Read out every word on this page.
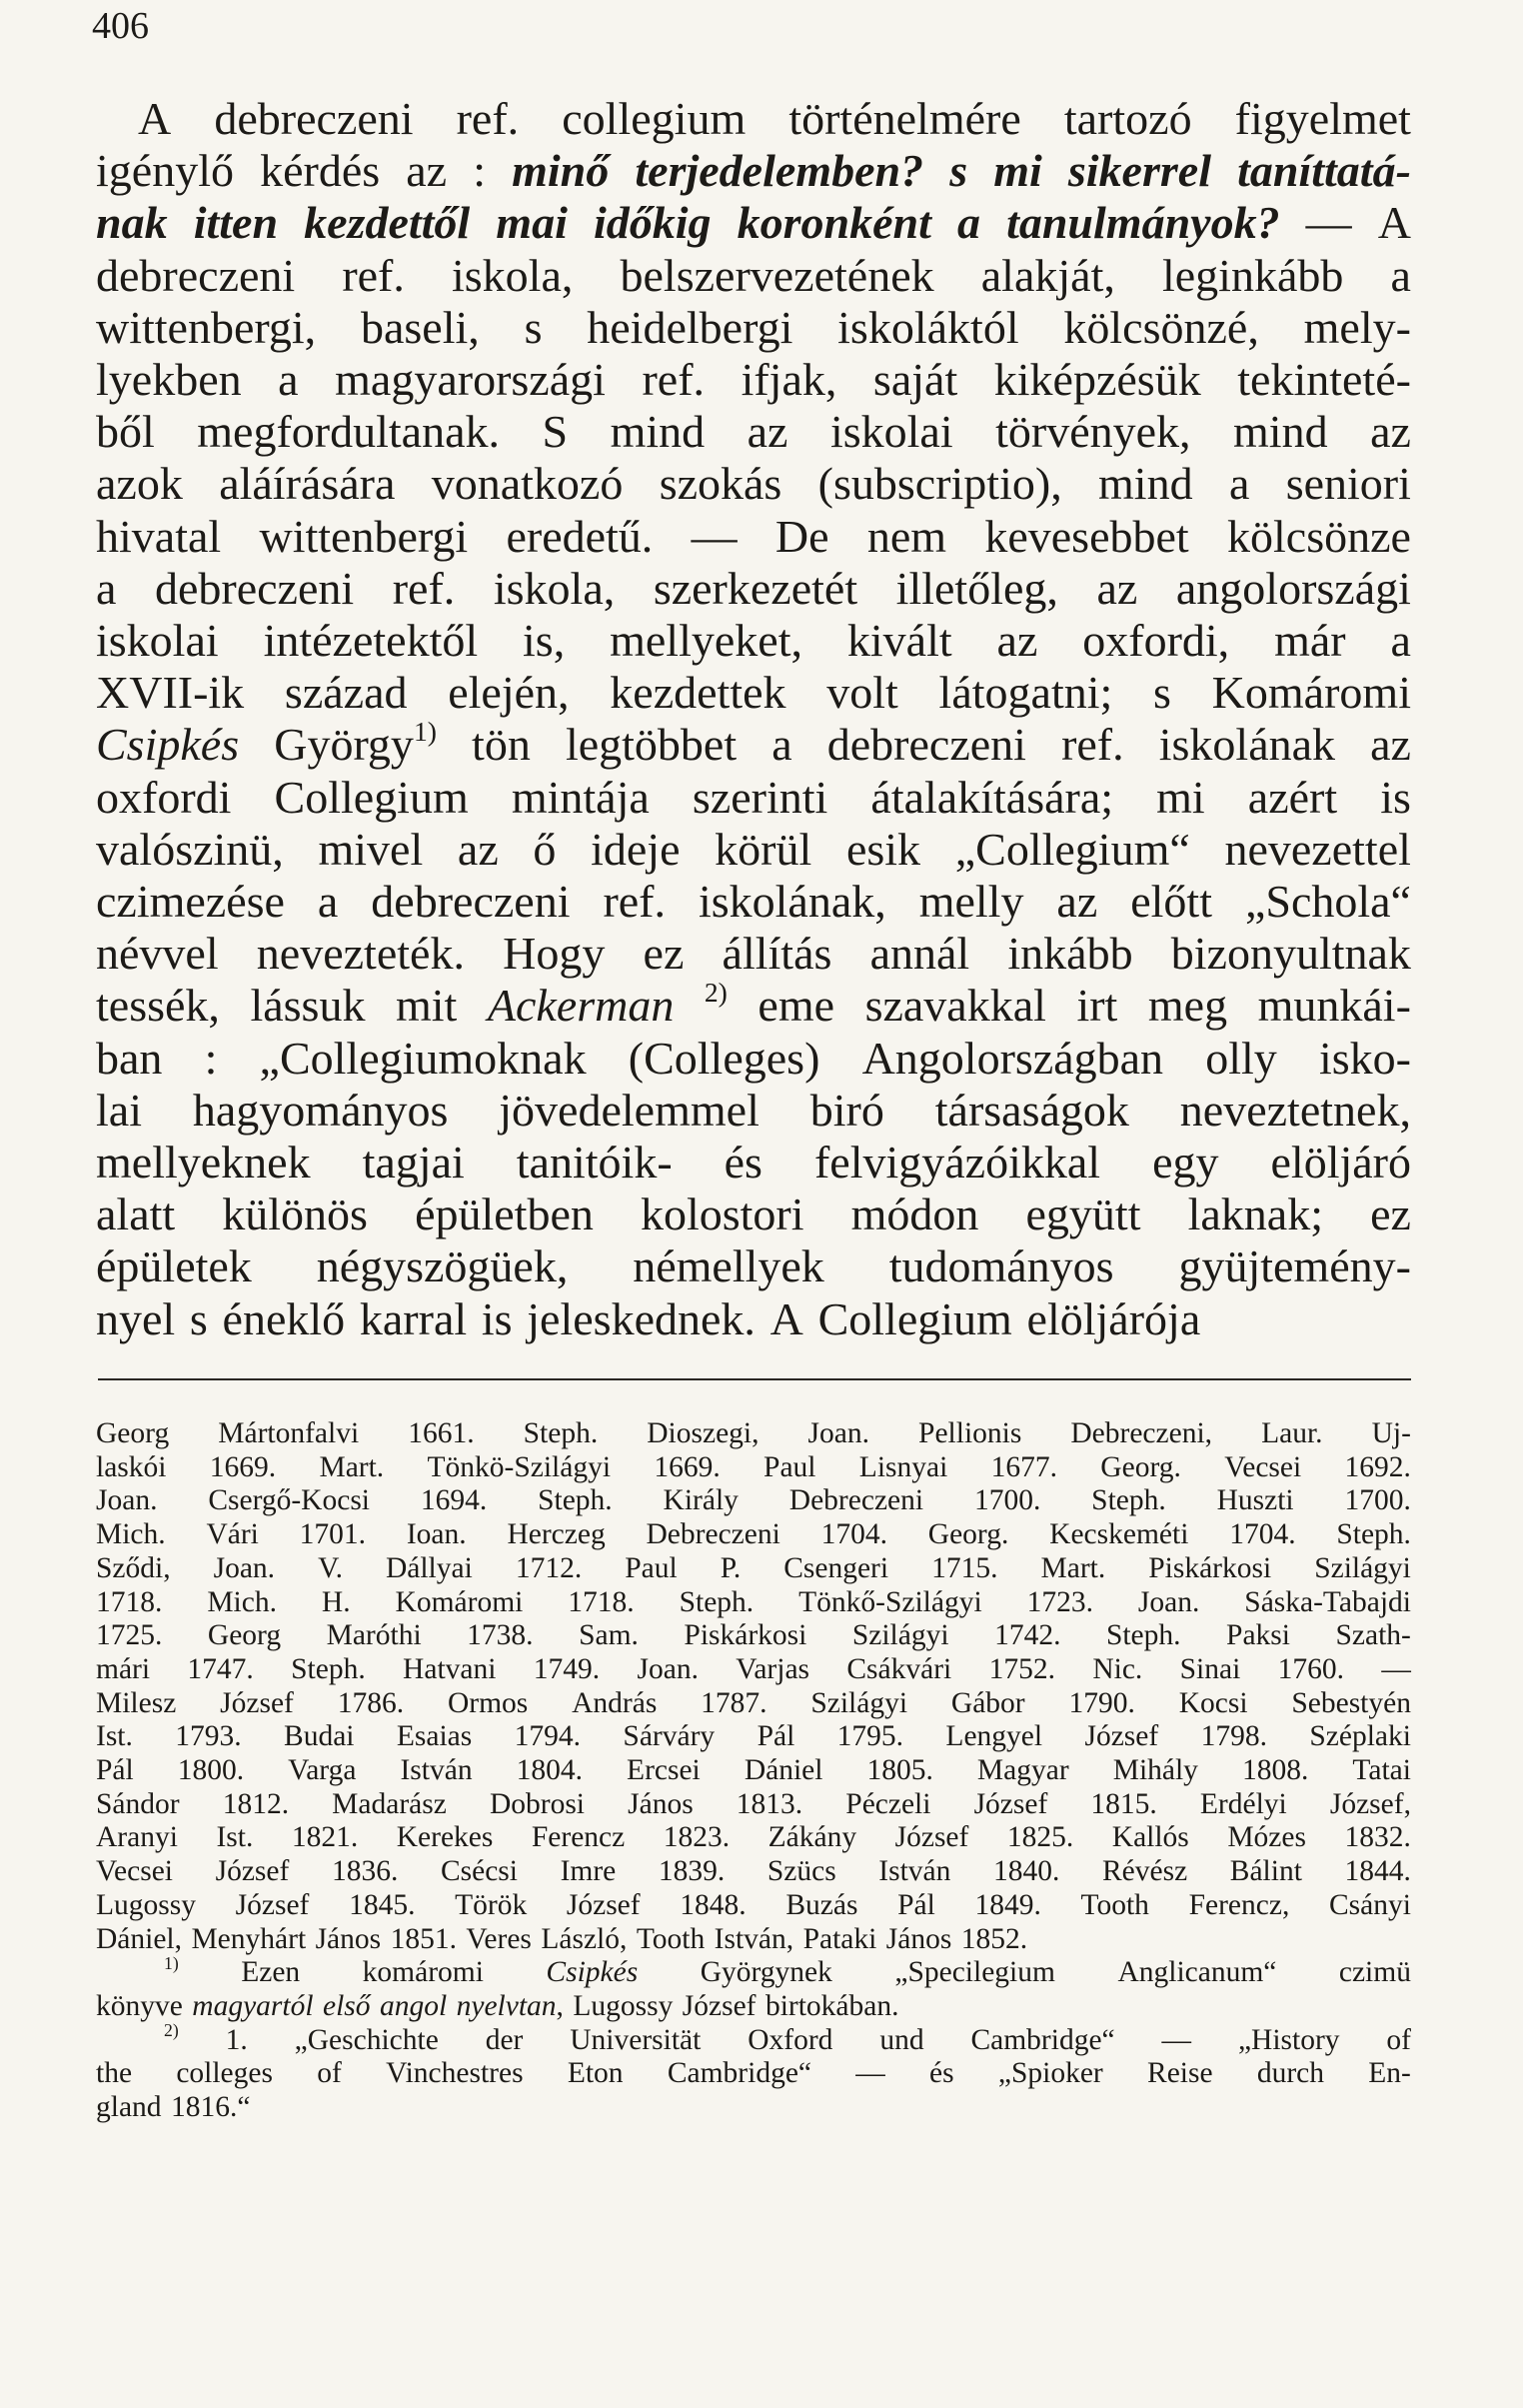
406
A debreczeni ref. collegium történelmére tartozó figyelmet
igénylő kérdés az : minő terjedelemben? s mi sikerrel taníttatá-
nak itten kezdettől mai időkig koronként a tanulmányok? — A
debreczeni ref. iskola, belszervezetének alakját, leginkább a
wittenbergi, baseli, s heidelbergi iskoláktól kölcsönzé, mely-
lyekben a magyarországi ref. ifjak, saját kiképzésük tekinteté-
ből megfordultanak. S mind az iskolai törvények, mind az
azok aláírására vonatkozó szokás (subscriptio), mind a seniori
hivatal wittenbergi eredetű. — De nem kevesebbet kölcsönze
a debreczeni ref. iskola, szerkezetét illetőleg, az angolországi
iskolai intézetektől is, mellyeket, kivált az oxfordi, már a
XVII-ik század elején, kezdettek volt látogatni; s Komáromi
Csipkés György$^{1)}$ tön legtöbbet a debreczeni ref. iskolának az
oxfordi Collegium mintája szerinti átalakítására; mi azért is
valószinü, mivel az ő ideje körül esik „Collegium“ nevezettel
czimezése a debreczeni ref. iskolának, melly az előtt „Schola“
névvel nevezteték. Hogy ez állítás annál inkább bizonyultnak
tessék, lássuk mit Ackerman $^{2)}$ eme szavakkal irt meg munkái-
ban : „Collegiumoknak (Colleges) Angolországban olly isko-
lai hagyományos jövedelemmel biró társaságok neveztetnek,
mellyeknek tagjai tanitóik- és felvigyázóikkal egy elöljáró
alatt különös épületben kolostori módon együtt laknak; ez
épületek négyszögüek, némellyek tudományos gyüjtemény-
nyel s éneklő karral is jeleskednek. A Collegium elöljárója
Georg Mártonfalvi 1661. Steph. Dioszegi, Joan. Pellionis Debreczeni, Laur. Uj-
laskói 1669. Mart. Tönkö-Szilágyi 1669. Paul Lisnyai 1677. Georg. Vecsei 1692.
Joan. Csergő-Kocsi 1694. Steph. Király Debreczeni 1700. Steph. Huszti 1700.
Mich. Vári 1701. Ioan. Herczeg Debreczeni 1704. Georg. Kecskeméti 1704. Steph.
Sződi, Joan. V. Dállyai 1712. Paul P. Csengeri 1715. Mart. Piskárkosi Szilágyi
1718. Mich. H. Komáromi 1718. Steph. Tönkő-Szilágyi 1723. Joan. Sáska-Tabajdi
1725. Georg Maróthi 1738. Sam. Piskárkosi Szilágyi 1742. Steph. Paksi Szath-
mári 1747. Steph. Hatvani 1749. Joan. Varjas Csákvári 1752. Nic. Sinai 1760. —
Milesz József 1786. Ormos András 1787. Szilágyi Gábor 1790. Kocsi Sebestyén
Ist. 1793. Budai Esaias 1794. Sárváry Pál 1795. Lengyel József 1798. Széplaki
Pál 1800. Varga István 1804. Ercsei Dániel 1805. Magyar Mihály 1808. Tatai
Sándor 1812. Madarász Dobrosi János 1813. Péczeli József 1815. Erdélyi József,
Aranyi Ist. 1821. Kerekes Ferencz 1823. Zákány József 1825. Kallós Mózes 1832.
Vecsei József 1836. Csécsi Imre 1839. Szücs István 1840. Révész Bálint 1844.
Lugossy József 1845. Török József 1848. Buzás Pál 1849. Tooth Ferencz, Csányi
Dániel, Menyhárt János 1851. Veres László, Tooth István, Pataki János 1852.
$^{1)}$ Ezen komáromi Csipkés Györgynek „Specilegium Anglicanum“ czimü
könyve magyartól első angol nyelvtan, Lugossy József birtokában.
$^{2)}$ 1. „Geschichte der Universität Oxford und Cambridge“ — „History of
the colleges of Vinchestres Eton Cambridge“ — és „Spioker Reise durch En-
gland 1816.“
